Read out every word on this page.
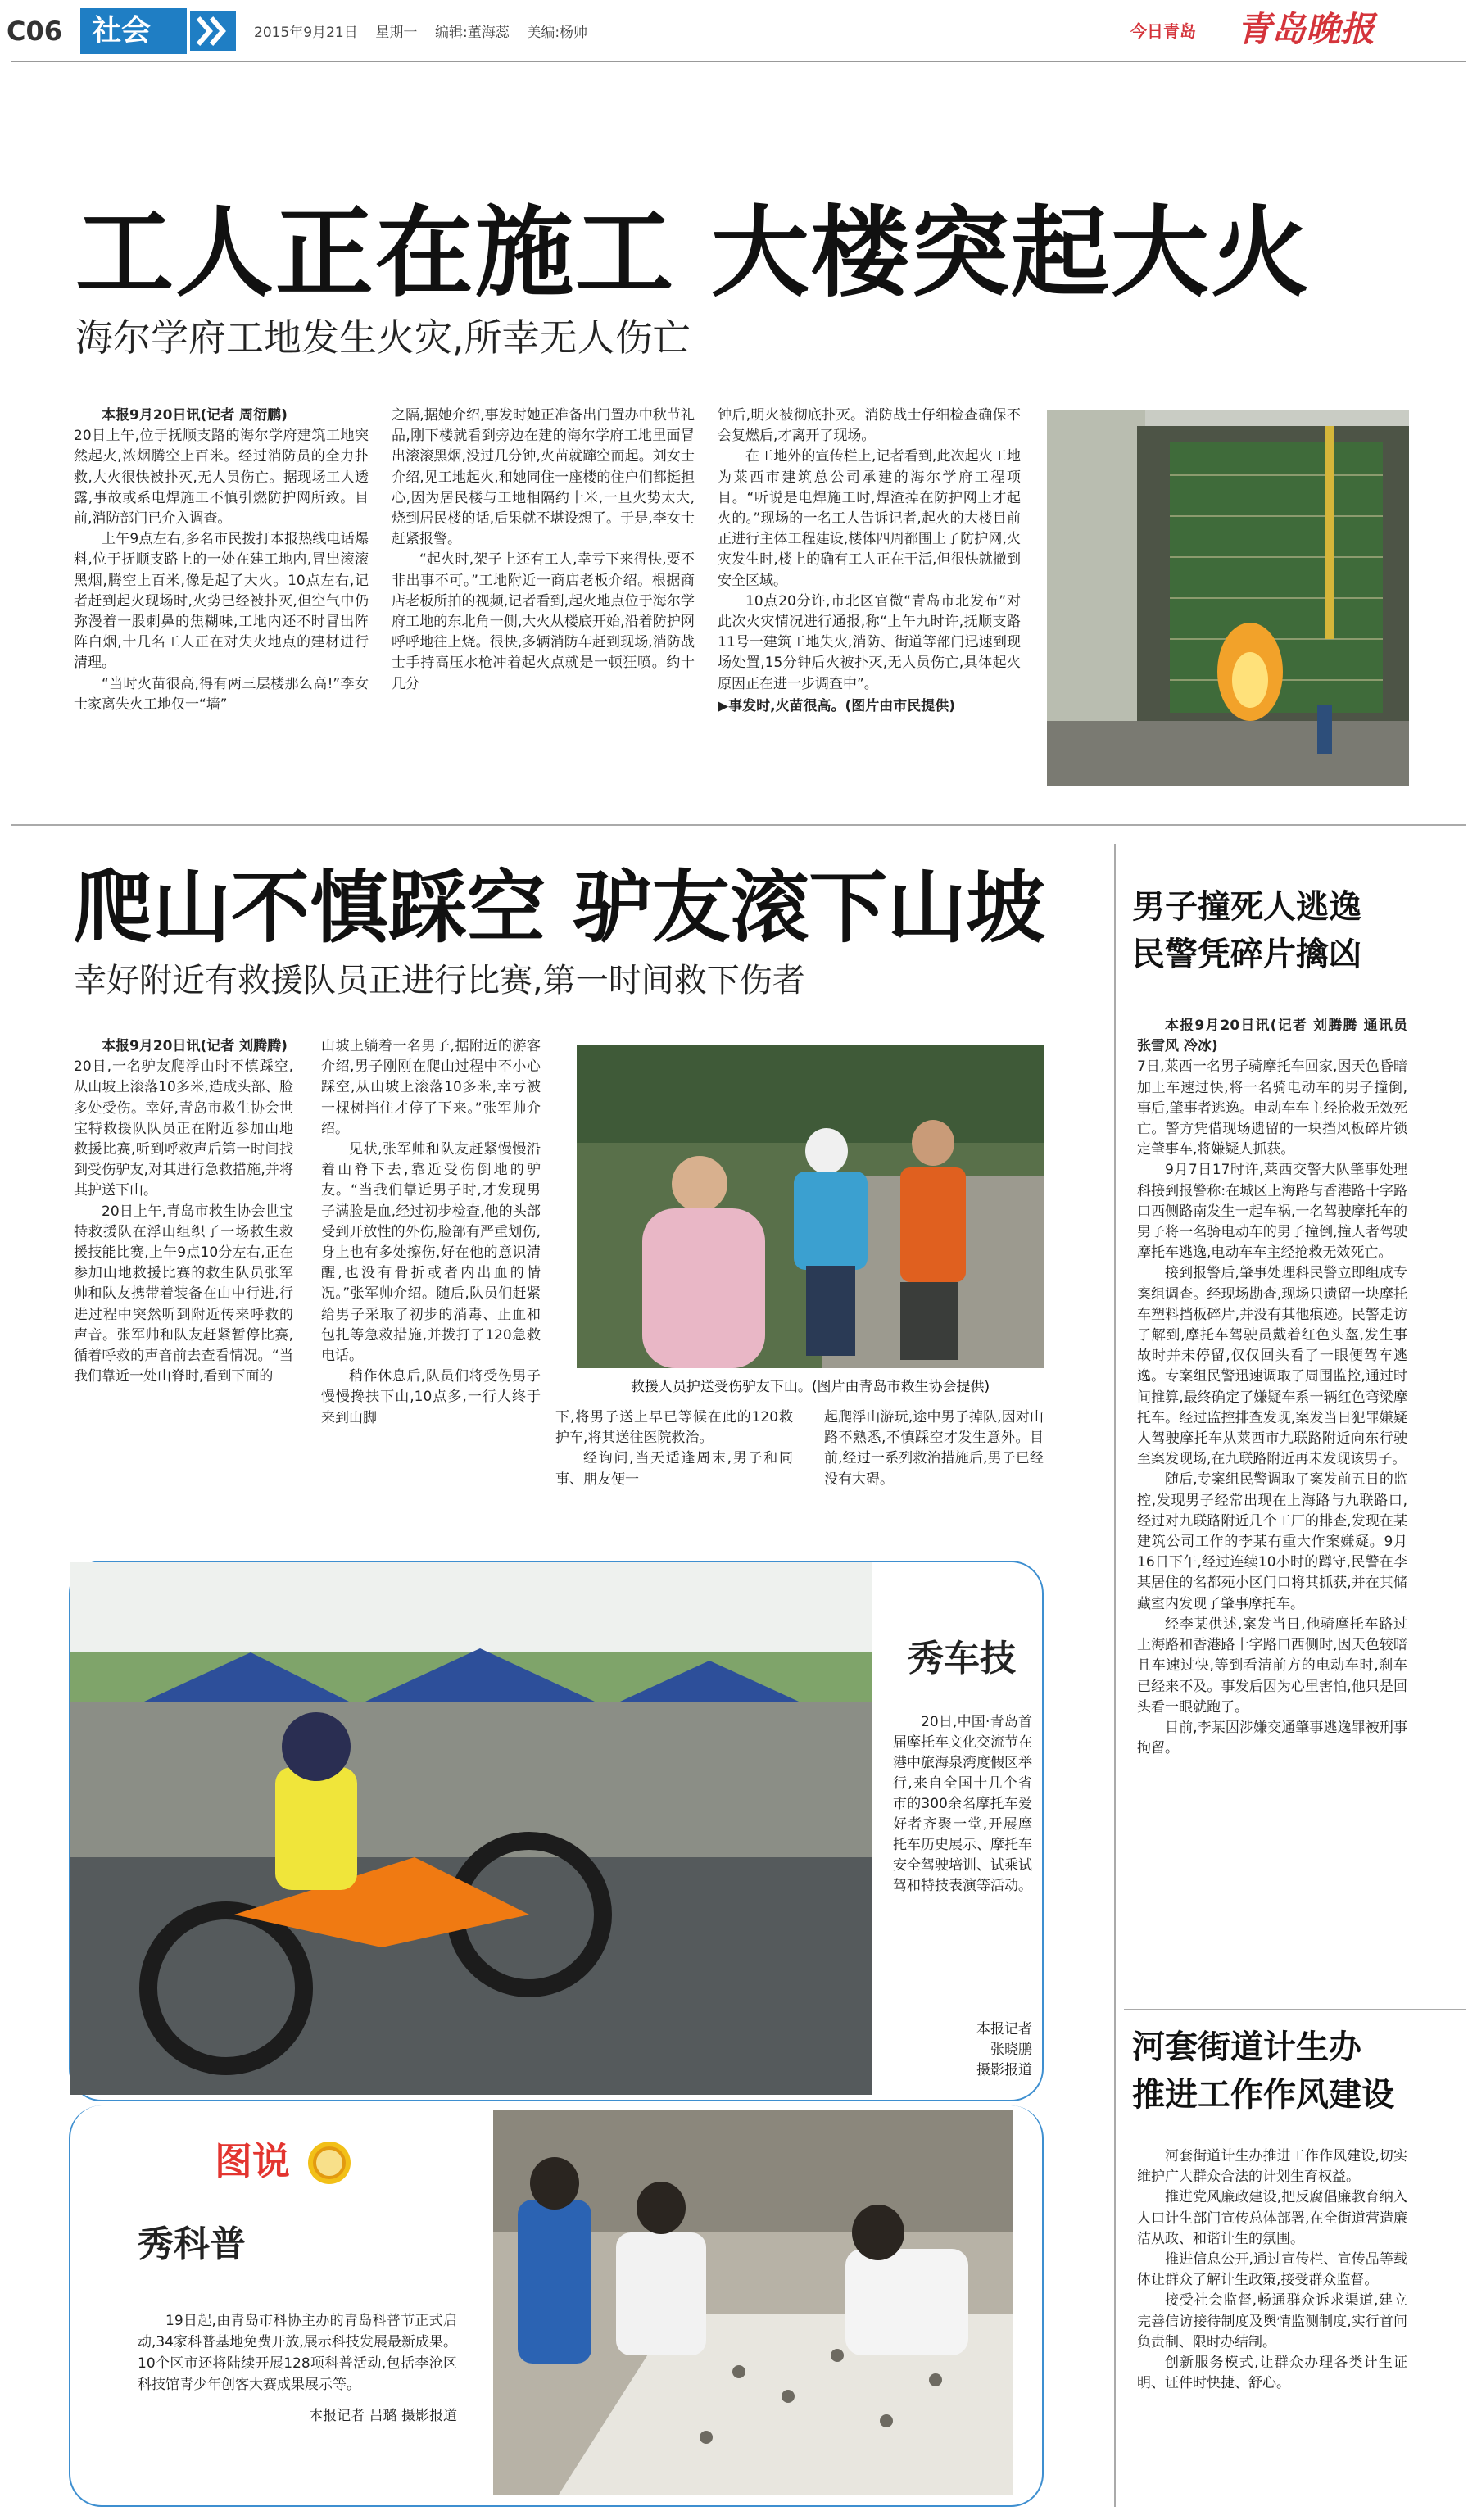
C06 社会	2015年9月21日 星期一 编辑:董海蕊 美编:杨帅	今日青岛 青岛晚报
工人正在施工 大楼突起大火
海尔学府工地发生火灾,所幸无人伤亡
本报9月20日讯(记者 周衍鹏)

20日上午,位于抚顺支路的海尔学府建筑工地突然起火,浓烟腾空上百米。经过消防员的全力扑救,大火很快被扑灭,无人员伤亡。据现场工人透露,事故或系电焊施工不慎引燃防护网所致。目前,消防部门已介入调查。

上午9点左右,多名市民拨打本报热线电话爆料,位于抚顺支路上的一处在建工地内,冒出滚滚黑烟,腾空上百米,像是起了大火。10点左右,记者赶到起火现场时,火势已经被扑灭,但空气中仍弥漫着一股刺鼻的焦糊味,工地内还不时冒出阵阵白烟,十几名工人正在对失火地点的建材进行清理。

“当时火苗很高,得有两三层楼那么高!”李女士家离失火工地仅一“墙”

之隔,据她介绍,事发时她正准备出门置办中秋节礼品,刚下楼就看到旁边在建的海尔学府工地里面冒出滚滚黑烟,没过几分钟,火苗就蹿空而起。刘女士介绍,见工地起火,和她同住一座楼的住户们都挺担心,因为居民楼与工地相隔约十米,一旦火势太大,烧到居民楼的话,后果就不堪设想了。于是,李女士赶紧报警。

“起火时,架子上还有工人,幸亏下来得快,要不非出事不可。”工地附近一商店老板介绍。根据商店老板所拍的视频,记者看到,起火地点位于海尔学府工地的东北角一侧,大火从楼底开始,沿着防护网呼呼地往上烧。很快,多辆消防车赶到现场,消防战士手持高压水枪冲着起火点就是一顿狂喷。约十几分

钟后,明火被彻底扑灭。消防战士仔细检查确保不会复燃后,才离开了现场。

在工地外的宣传栏上,记者看到,此次起火工地为莱西市建筑总公司承建的海尔学府工程项目。“听说是电焊施工时,焊渣掉在防护网上才起火的。”现场的一名工人告诉记者,起火的大楼目前正进行主体工程建设,楼体四周都围上了防护网,火灾发生时,楼上的确有工人正在干活,但很快就撤到安全区域。

10点20分许,市北区官微“青岛市北发布”对此次火灾情况进行通报,称“上午九时许,抚顺支路11号一建筑工地失火,消防、街道等部门迅速到现场处置,15分钟后火被扑灭,无人员伤亡,具体起火原因正在进一步调查中”。

▶事发时,火苗很高。(图片由市民提供)
爬山不慎踩空 驴友滚下山坡
幸好附近有救援队员正进行比赛,第一时间救下伤者
本报9月20日讯(记者 刘腾腾)

20日,一名驴友爬浮山时不慎踩空,从山坡上滚落10多米,造成头部、脸多处受伤。幸好,青岛市救生协会世宝特救援队队员正在附近参加山地救援比赛,听到呼救声后第一时间找到受伤驴友,对其进行急救措施,并将其护送下山。

20日上午,青岛市救生协会世宝特救援队在浮山组织了一场救生救援技能比赛,上午9点10分左右,正在参加山地救援比赛的救生队员张军帅和队友携带着装备在山中行进,行进过程中突然听到附近传来呼救的声音。张军帅和队友赶紧暂停比赛,循着呼救的声音前去查看情况。“当我们靠近一处山脊时,看到下面的

山坡上躺着一名男子,据附近的游客介绍,男子刚刚在爬山过程中不小心踩空,从山坡上滚落10多米,幸亏被一棵树挡住才停了下来。”张军帅介绍。

见状,张军帅和队友赶紧慢慢沿着山脊下去,靠近受伤倒地的驴友。“当我们靠近男子时,才发现男子满脸是血,经过初步检查,他的头部受到开放性的外伤,脸部有严重划伤,身上也有多处擦伤,好在他的意识清醒,也没有骨折或者内出血的情况。”张军帅介绍。随后,队员们赶紧给男子采取了初步的消毒、止血和包扎等急救措施,并拨打了120急救电话。

稍作休息后,队员们将受伤男子慢慢搀扶下山,10点多,一行人终于来到山脚

救援人员护送受伤驴友下山。(图片由青岛市救生协会提供)

下,将男子送上早已等候在此的120救护车,将其送往医院救治。

经询问,当天适逢周末,男子和同事、朋友便一

起爬浮山游玩,途中男子掉队,因对山路不熟悉,不慎踩空才发生意外。目前,经过一系列救治措施后,男子已经没有大碍。

秀车技
20日,中国·青岛首届摩托车文化交流节在港中旅海泉湾度假区举行,来自全国十几个省市的300余名摩托车爱好者齐聚一堂,开展摩托车历史展示、摩托车安全驾驶培训、试乘试驾和特技表演等活动。
本报记者
张晓鹏
摄影报道
图说
秀科普
19日起,由青岛市科协主办的青岛科普节正式启动,34家科普基地免费开放,展示科技发展最新成果。10个区市还将陆续开展128项科普活动,包括李沧区科技馆青少年创客大赛成果展示等。
本报记者 吕璐 摄影报道
男子撞死人逃逸
民警凭碎片擒凶
本报9月20日讯(记者 刘腾腾 通讯员 张雪风 冷冰)

7日,莱西一名男子骑摩托车回家,因天色昏暗加上车速过快,将一名骑电动车的男子撞倒,事后,肇事者逃逸。电动车车主经抢救无效死亡。警方凭借现场遗留的一块挡风板碎片锁定肇事车,将嫌疑人抓获。

9月7日17时许,莱西交警大队肇事处理科接到报警称:在城区上海路与香港路十字路口西侧路南发生一起车祸,一名驾驶摩托车的男子将一名骑电动车的男子撞倒,撞人者驾驶摩托车逃逸,电动车车主经抢救无效死亡。

接到报警后,肇事处理科民警立即组成专案组调查。经现场勘查,现场只遗留一块摩托车塑料挡板碎片,并没有其他痕迹。民警走访了解到,摩托车驾驶员戴着红色头盔,发生事故时并未停留,仅仅回头看了一眼便驾车逃逸。专案组民警迅速调取了周围监控,通过时间推算,最终确定了嫌疑车系一辆红色弯梁摩托车。经过监控排查发现,案发当日犯罪嫌疑人驾驶摩托车从莱西市九联路附近向东行驶至案发现场,在九联路附近再未发现该男子。

随后,专案组民警调取了案发前五日的监控,发现男子经常出现在上海路与九联路口,经过对九联路附近几个工厂的排查,发现在某建筑公司工作的李某有重大作案嫌疑。9月16日下午,经过连续10小时的蹲守,民警在李某居住的名都苑小区门口将其抓获,并在其储藏室内发现了肇事摩托车。

经李某供述,案发当日,他骑摩托车路过上海路和香港路十字路口西侧时,因天色较暗且车速过快,等到看清前方的电动车时,刹车已经来不及。事发后因为心里害怕,他只是回头看一眼就跑了。

目前,李某因涉嫌交通肇事逃逸罪被刑事拘留。

河套街道计生办
推进工作作风建设

河套街道计生办推进工作作风建设,切实维护广大群众合法的计划生育权益。

推进党风廉政建设,把反腐倡廉教育纳入人口计生部门宣传总体部署,在全街道营造廉洁从政、和谐计生的氛围。

推进信息公开,通过宣传栏、宣传品等载体让群众了解计生政策,接受群众监督。

接受社会监督,畅通群众诉求渠道,建立完善信访接待制度及舆情监测制度,实行首问负责制、限时办结制。

创新服务模式,让群众办理各类计生证明、证件时快捷、舒心。
